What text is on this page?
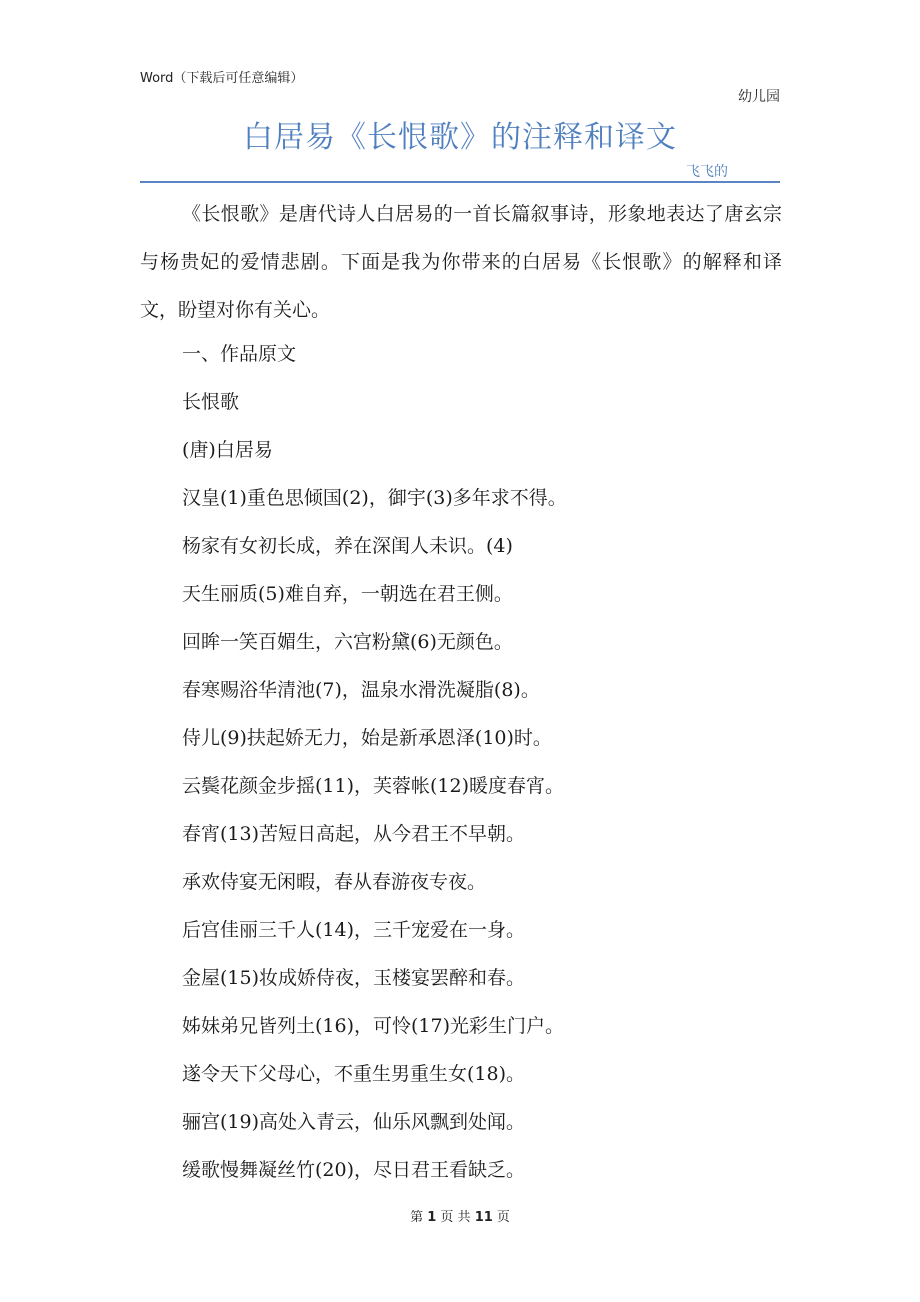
Word（下载后可任意编辑）
幼儿园
白居易《长恨歌》的注释和译文
飞飞的

《长恨歌》是唐代诗人白居易的一首长篇叙事诗，形象地表达了唐玄宗与杨贵妃的爱情悲剧。下面是我为你带来的白居易《长恨歌》的解释和译文，盼望对你有关心。

一、作品原文
长恨歌
(唐)白居易
汉皇(1)重色思倾国(2)，御宇(3)多年求不得。
杨家有女初长成，养在深闺人未识。(4)
天生丽质(5)难自弃，一朝选在君王侧。
回眸一笑百媚生，六宫粉黛(6)无颜色。
春寒赐浴华清池(7)，温泉水滑洗凝脂(8)。
侍儿(9)扶起娇无力，始是新承恩泽(10)时。
云鬓花颜金步摇(11)，芙蓉帐(12)暖度春宵。
春宵(13)苦短日高起，从今君王不早朝。
承欢侍宴无闲暇，春从春游夜专夜。
后宫佳丽三千人(14)，三千宠爱在一身。
金屋(15)妆成娇侍夜，玉楼宴罢醉和春。
姊妹弟兄皆列土(16)，可怜(17)光彩生门户。
遂令天下父母心，不重生男重生女(18)。
骊宫(19)高处入青云，仙乐风飘到处闻。
缓歌慢舞凝丝竹(20)，尽日君王看缺乏。
第 1 页 共 11 页
